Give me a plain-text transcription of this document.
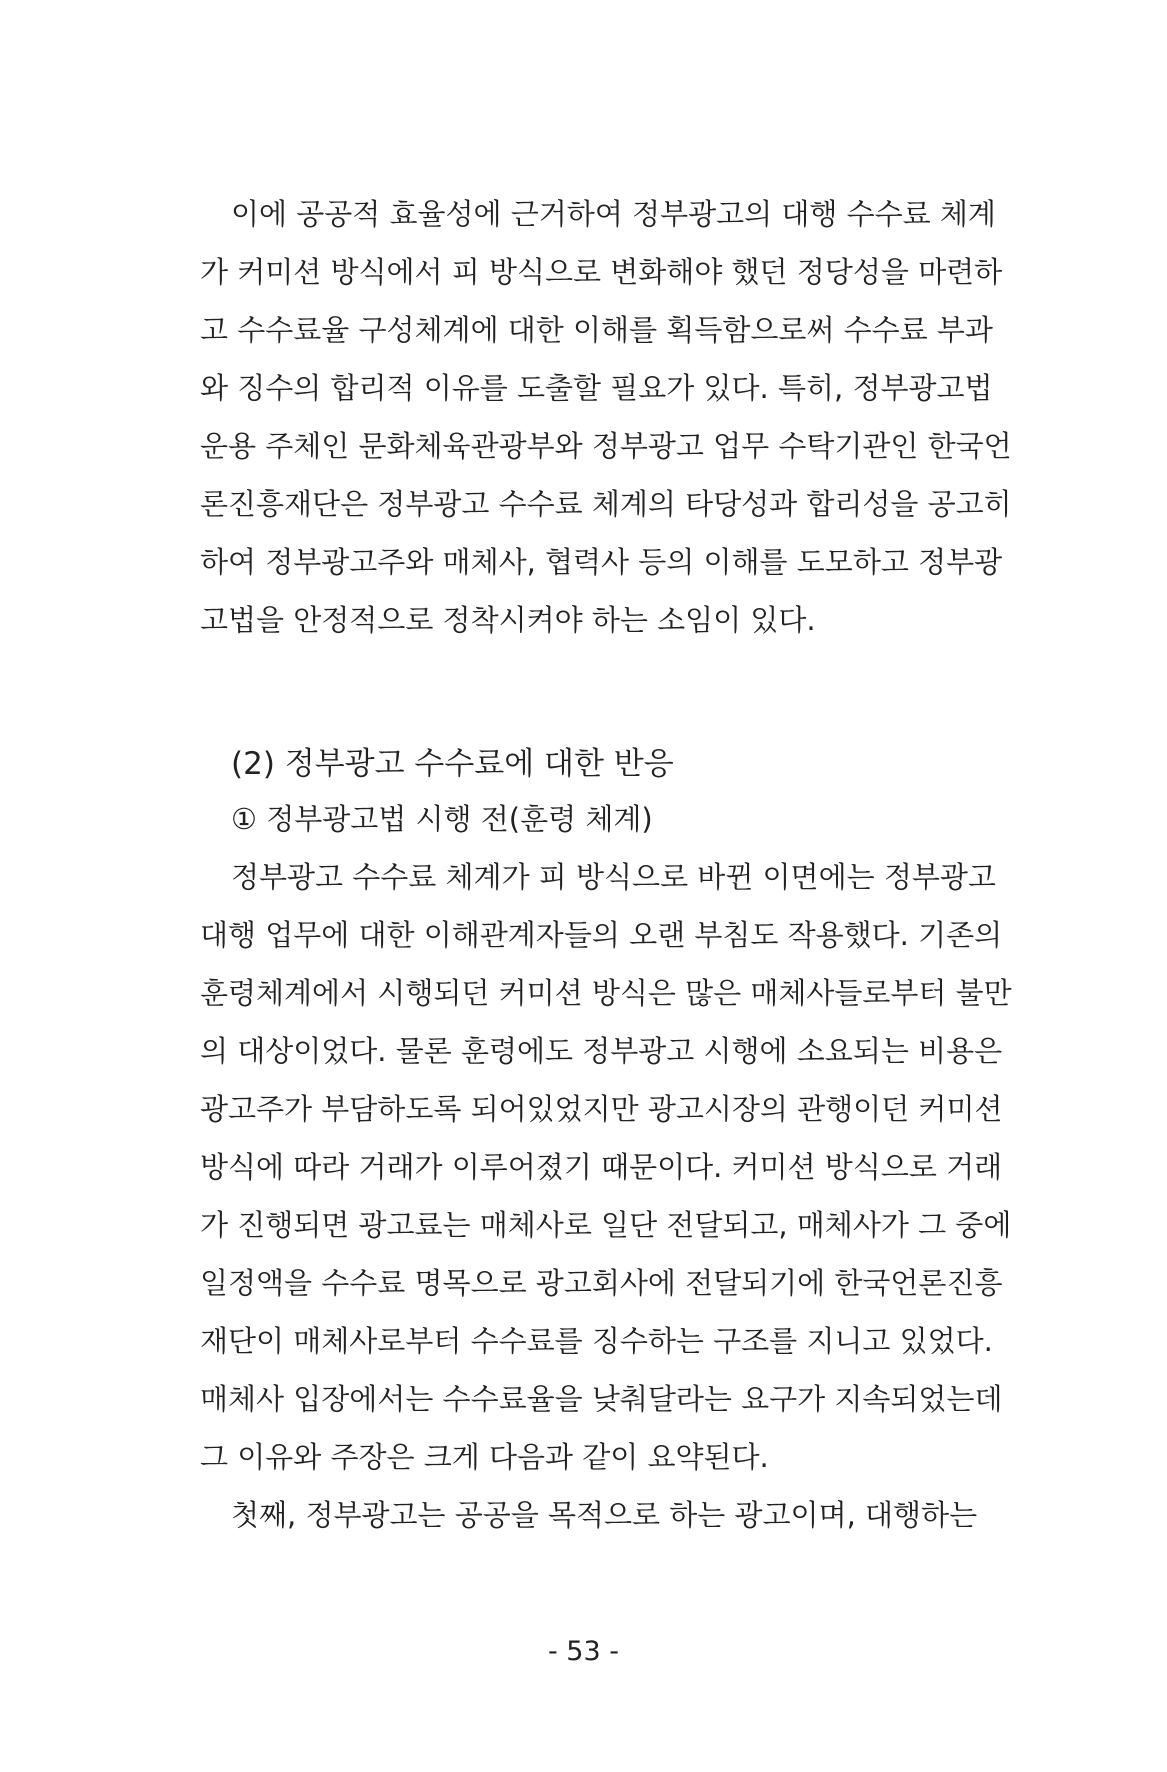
이에 공공적 효율성에 근거하여 정부광고의 대행 수수료 체계
가 커미션 방식에서 피 방식으로 변화해야 했던 정당성을 마련하
고 수수료율 구성체계에 대한 이해를 획득함으로써 수수료 부과
와 징수의 합리적 이유를 도출할 필요가 있다. 특히, 정부광고법
운용 주체인 문화체육관광부와 정부광고 업무 수탁기관인 한국언
론진흥재단은 정부광고 수수료 체계의 타당성과 합리성을 공고히
하여 정부광고주와 매체사, 협력사 등의 이해를 도모하고 정부광
고법을 안정적으로 정착시켜야 하는 소임이 있다.
(2) 정부광고 수수료에 대한 반응
① 정부광고법 시행 전(훈령 체계)
정부광고 수수료 체계가 피 방식으로 바뀐 이면에는 정부광고
대행 업무에 대한 이해관계자들의 오랜 부침도 작용했다. 기존의
훈령체계에서 시행되던 커미션 방식은 많은 매체사들로부터 불만
의 대상이었다. 물론 훈령에도 정부광고 시행에 소요되는 비용은
광고주가 부담하도록 되어있었지만 광고시장의 관행이던 커미션
방식에 따라 거래가 이루어졌기 때문이다. 커미션 방식으로 거래
가 진행되면 광고료는 매체사로 일단 전달되고, 매체사가 그 중에
일정액을 수수료 명목으로 광고회사에 전달되기에 한국언론진흥
재단이 매체사로부터 수수료를 징수하는 구조를 지니고 있었다.
매체사 입장에서는 수수료율을 낮춰달라는 요구가 지속되었는데
그 이유와 주장은 크게 다음과 같이 요약된다.
첫째, 정부광고는 공공을 목적으로 하는 광고이며, 대행하는
- 53 -
